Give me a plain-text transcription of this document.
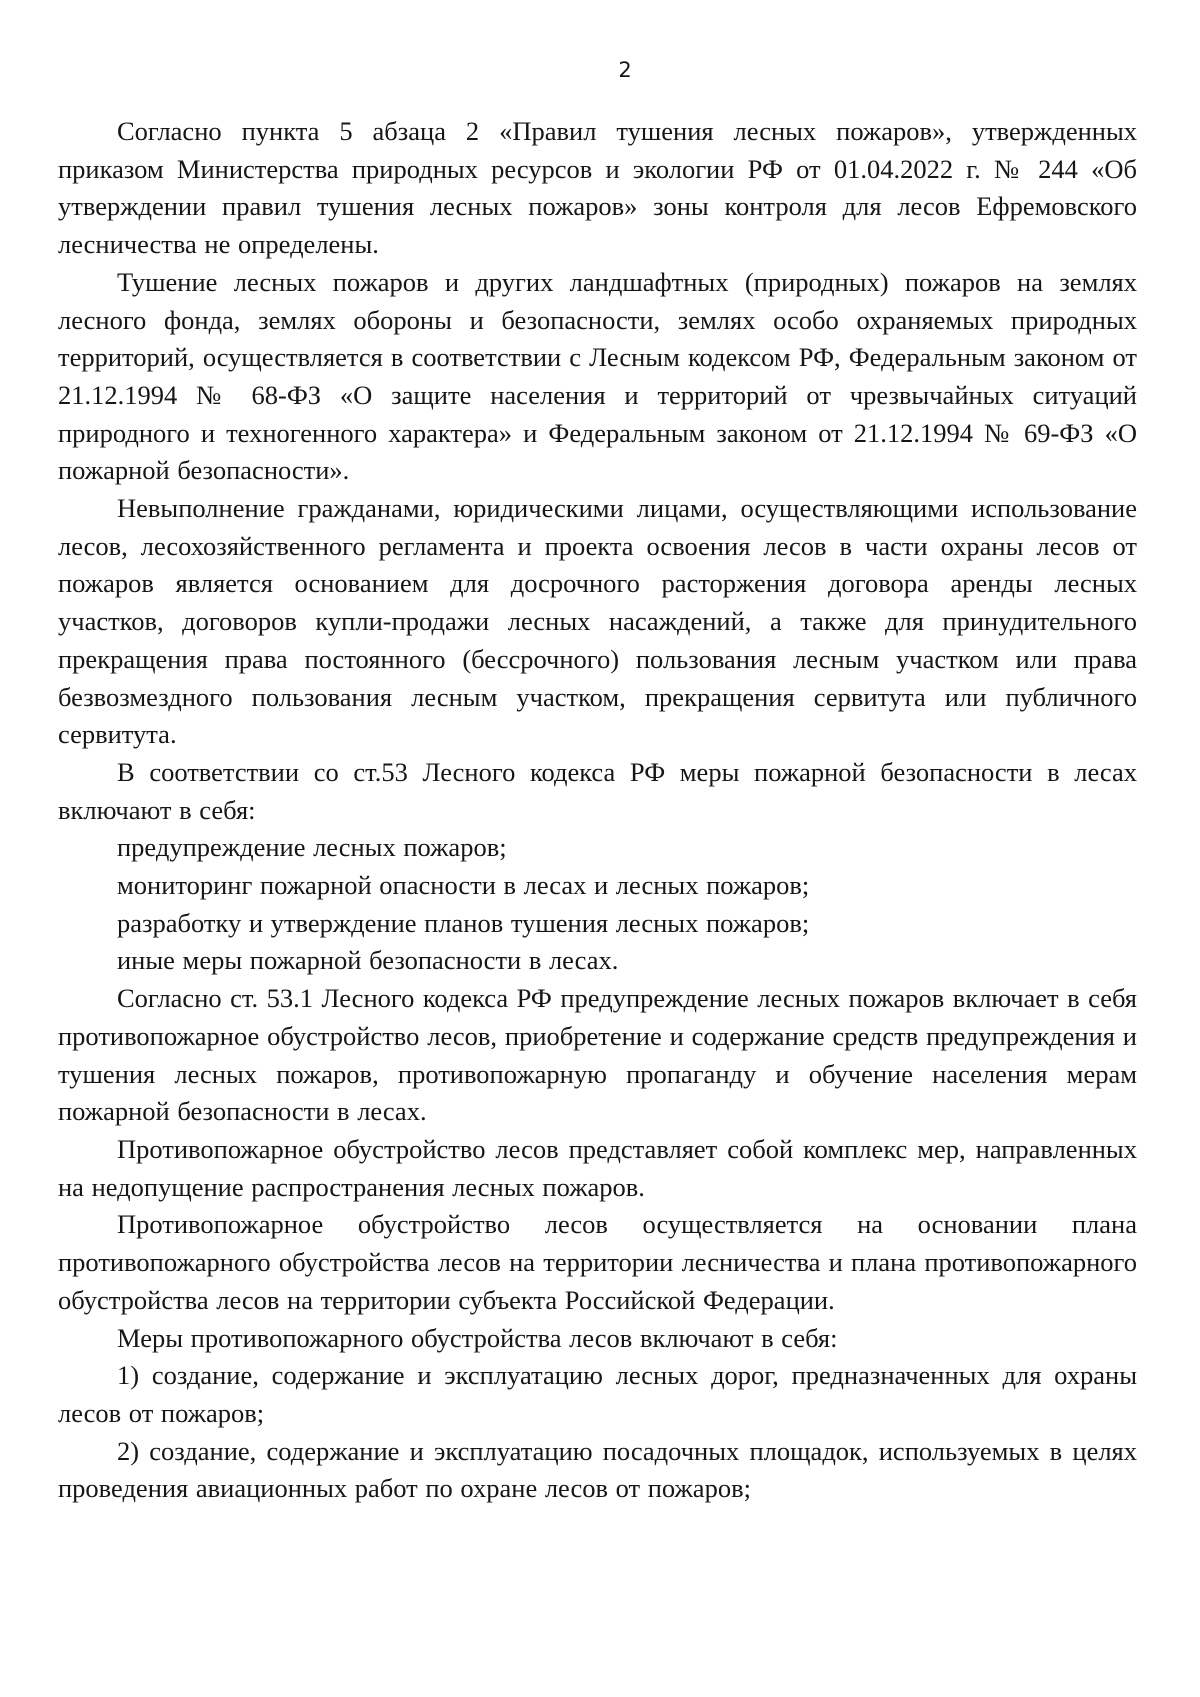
2

Согласно пункта 5 абзаца 2 «Правил тушения лесных пожаров», утвержденных приказом Министерства природных ресурсов и экологии РФ от 01.04.2022 г. № 244 «Об утверждении правил тушения лесных пожаров» зоны контроля для лесов Ефремовского лесничества не определены.

Тушение лесных пожаров и других ландшафтных (природных) пожаров на землях лесного фонда, землях обороны и безопасности, землях особо охраняемых природных территорий, осуществляется в соответствии с Лесным кодексом РФ, Федеральным законом от 21.12.1994 № 68-ФЗ «О защите населения и территорий от чрезвычайных ситуаций природного и техногенного характера» и Федеральным законом от 21.12.1994 № 69-ФЗ «О пожарной безопасности».

Невыполнение гражданами, юридическими лицами, осуществляющими использование лесов, лесохозяйственного регламента и проекта освоения лесов в части охраны лесов от пожаров является основанием для досрочного расторжения договора аренды лесных участков, договоров купли-продажи лесных насаждений, а также для принудительного прекращения права постоянного (бессрочного) пользования лесным участком или права безвозмездного пользования лесным участком, прекращения сервитута или публичного сервитута.

В соответствии со ст.53 Лесного кодекса РФ меры пожарной безопасности в лесах включают в себя:

предупреждение лесных пожаров;

мониторинг пожарной опасности в лесах и лесных пожаров;

разработку и утверждение планов тушения лесных пожаров;

иные меры пожарной безопасности в лесах.

Согласно ст. 53.1 Лесного кодекса РФ предупреждение лесных пожаров включает в себя противопожарное обустройство лесов, приобретение и содержание средств предупреждения и тушения лесных пожаров, противопожарную пропаганду и обучение населения мерам пожарной безопасности в лесах.

Противопожарное обустройство лесов представляет собой комплекс мер, направленных на недопущение распространения лесных пожаров.

Противопожарное обустройство лесов осуществляется на основании плана противопожарного обустройства лесов на территории лесничества и плана противопожарного обустройства лесов на территории субъекта Российской Федерации.

Меры противопожарного обустройства лесов включают в себя:

1) создание, содержание и эксплуатацию лесных дорог, предназначенных для охраны лесов от пожаров;

2) создание, содержание и эксплуатацию посадочных площадок, используемых в целях проведения авиационных работ по охране лесов от пожаров;
